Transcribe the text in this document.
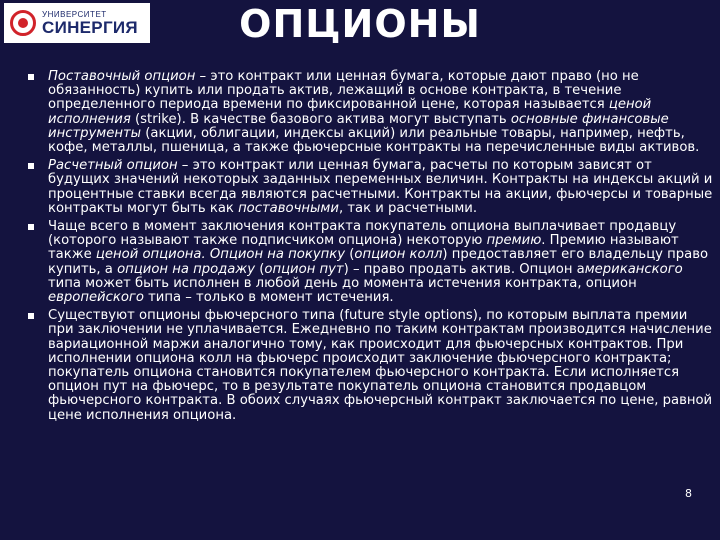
УНИВЕРСИТЕТ
СИНЕРГИЯ	ОПЦИОНЫ
Поставочный опцион – это контракт или ценная бумага, которые дают право (но не обязанность) купить или продать актив, лежащий в основе контракта, в течение определенного периода времени по фиксированной цене, которая называется ценой исполнения (strike). В качестве базового актива могут выступать основные финансовые инструменты (акции, облигации, индексы акций) или реальные товары, например, нефть, кофе, металлы, пшеница, а также фьючерсные контракты на перечисленные виды активов.
Расчетный опцион – это контракт или ценная бумага, расчеты по которым зависят от будущих значений некоторых заданных переменных величин. Контракты на индексы акций и процентные ставки всегда являются расчетными. Контракты на акции, фьючерсы и товарные контракты могут быть как поставочными, так и расчетными.
Чаще всего в момент заключения контракта покупатель опциона выплачивает продавцу (которого называют также подписчиком опциона) некоторую премию. Премию называют также ценой опциона. Опцион на покупку (опцион колл) предоставляет его владельцу право купить, а опцион на продажу (опцион пут) – право продать актив. Опцион американского типа может быть исполнен в любой день до момента истечения контракта, опцион европейского типа – только в момент истечения.
Существуют опционы фьючерсного типа (future style options), по которым выплата премии при заключении не уплачивается. Ежедневно по таким контрактам производится начисление вариационной маржи аналогично тому, как происходит для фьючерсных контрактов. При исполнении опциона колл на фьючерс происходит заключение фьючерсного контракта; покупатель опциона становится покупателем фьючерсного контракта. Если исполняется опцион пут на фьючерс, то в результате покупатель опциона становится продавцом фьючерсного контракта. В обоих случаях фьючерсный контракт заключается по цене, равной цене исполнения опциона.
8
